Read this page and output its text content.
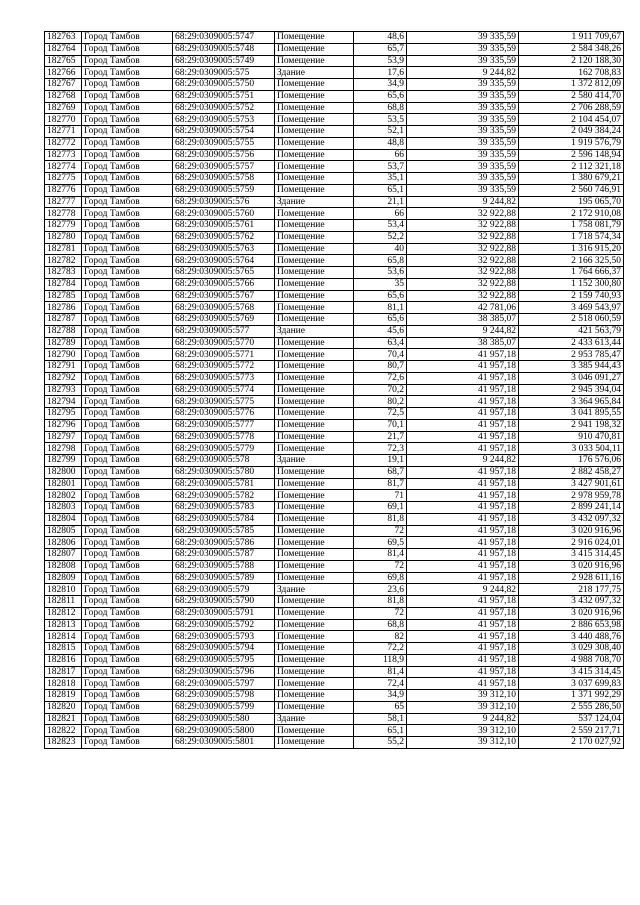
182763	Город Тамбов	68:29:0309005:5747	Помещение	48,6	39 335,59	1 911 709,67
182764	Город Тамбов	68:29:0309005:5748	Помещение	65,7	39 335,59	2 584 348,26
182765	Город Тамбов	68:29:0309005:5749	Помещение	53,9	39 335,59	2 120 188,30
182766	Город Тамбов	68:29:0309005:575	Здание	17,6	9 244,82	162 708,83
182767	Город Тамбов	68:29:0309005:5750	Помещение	34,9	39 335,59	1 372 812,09
182768	Город Тамбов	68:29:0309005:5751	Помещение	65,6	39 335,59	2 580 414,70
182769	Город Тамбов	68:29:0309005:5752	Помещение	68,8	39 335,59	2 706 288,59
182770	Город Тамбов	68:29:0309005:5753	Помещение	53,5	39 335,59	2 104 454,07
182771	Город Тамбов	68:29:0309005:5754	Помещение	52,1	39 335,59	2 049 384,24
182772	Город Тамбов	68:29:0309005:5755	Помещение	48,8	39 335,59	1 919 576,79
182773	Город Тамбов	68:29:0309005:5756	Помещение	66	39 335,59	2 596 148,94
182774	Город Тамбов	68:29:0309005:5757	Помещение	53,7	39 335,59	2 112 321,18
182775	Город Тамбов	68:29:0309005:5758	Помещение	35,1	39 335,59	1 380 679,21
182776	Город Тамбов	68:29:0309005:5759	Помещение	65,1	39 335,59	2 560 746,91
182777	Город Тамбов	68:29:0309005:576	Здание	21,1	9 244,82	195 065,70
182778	Город Тамбов	68:29:0309005:5760	Помещение	66	32 922,88	2 172 910,08
182779	Город Тамбов	68:29:0309005:5761	Помещение	53,4	32 922,88	1 758 081,79
182780	Город Тамбов	68:29:0309005:5762	Помещение	52,2	32 922,88	1 718 574,34
182781	Город Тамбов	68:29:0309005:5763	Помещение	40	32 922,88	1 316 915,20
182782	Город Тамбов	68:29:0309005:5764	Помещение	65,8	32 922,88	2 166 325,50
182783	Город Тамбов	68:29:0309005:5765	Помещение	53,6	32 922,88	1 764 666,37
182784	Город Тамбов	68:29:0309005:5766	Помещение	35	32 922,88	1 152 300,80
182785	Город Тамбов	68:29:0309005:5767	Помещение	65,6	32 922,88	2 159 740,93
182786	Город Тамбов	68:29:0309005:5768	Помещение	81,1	42 781,06	3 469 543,97
182787	Город Тамбов	68:29:0309005:5769	Помещение	65,6	38 385,07	2 518 060,59
182788	Город Тамбов	68:29:0309005:577	Здание	45,6	9 244,82	421 563,79
182789	Город Тамбов	68:29:0309005:5770	Помещение	63,4	38 385,07	2 433 613,44
182790	Город Тамбов	68:29:0309005:5771	Помещение	70,4	41 957,18	2 953 785,47
182791	Город Тамбов	68:29:0309005:5772	Помещение	80,7	41 957,18	3 385 944,43
182792	Город Тамбов	68:29:0309005:5773	Помещение	72,6	41 957,18	3 046 091,27
182793	Город Тамбов	68:29:0309005:5774	Помещение	70,2	41 957,18	2 945 394,04
182794	Город Тамбов	68:29:0309005:5775	Помещение	80,2	41 957,18	3 364 965,84
182795	Город Тамбов	68:29:0309005:5776	Помещение	72,5	41 957,18	3 041 895,55
182796	Город Тамбов	68:29:0309005:5777	Помещение	70,1	41 957,18	2 941 198,32
182797	Город Тамбов	68:29:0309005:5778	Помещение	21,7	41 957,18	910 470,81
182798	Город Тамбов	68:29:0309005:5779	Помещение	72,3	41 957,18	3 033 504,11
182799	Город Тамбов	68:29:0309005:578	Здание	19,1	9 244,82	176 576,06
182800	Город Тамбов	68:29:0309005:5780	Помещение	68,7	41 957,18	2 882 458,27
182801	Город Тамбов	68:29:0309005:5781	Помещение	81,7	41 957,18	3 427 901,61
182802	Город Тамбов	68:29:0309005:5782	Помещение	71	41 957,18	2 978 959,78
182803	Город Тамбов	68:29:0309005:5783	Помещение	69,1	41 957,18	2 899 241,14
182804	Город Тамбов	68:29:0309005:5784	Помещение	81,8	41 957,18	3 432 097,32
182805	Город Тамбов	68:29:0309005:5785	Помещение	72	41 957,18	3 020 916,96
182806	Город Тамбов	68:29:0309005:5786	Помещение	69,5	41 957,18	2 916 024,01
182807	Город Тамбов	68:29:0309005:5787	Помещение	81,4	41 957,18	3 415 314,45
182808	Город Тамбов	68:29:0309005:5788	Помещение	72	41 957,18	3 020 916,96
182809	Город Тамбов	68:29:0309005:5789	Помещение	69,8	41 957,18	2 928 611,16
182810	Город Тамбов	68:29:0309005:579	Здание	23,6	9 244,82	218 177,75
182811	Город Тамбов	68:29:0309005:5790	Помещение	81,8	41 957,18	3 432 097,32
182812	Город Тамбов	68:29:0309005:5791	Помещение	72	41 957,18	3 020 916,96
182813	Город Тамбов	68:29:0309005:5792	Помещение	68,8	41 957,18	2 886 653,98
182814	Город Тамбов	68:29:0309005:5793	Помещение	82	41 957,18	3 440 488,76
182815	Город Тамбов	68:29:0309005:5794	Помещение	72,2	41 957,18	3 029 308,40
182816	Город Тамбов	68:29:0309005:5795	Помещение	118,9	41 957,18	4 988 708,70
182817	Город Тамбов	68:29:0309005:5796	Помещение	81,4	41 957,18	3 415 314,45
182818	Город Тамбов	68:29:0309005:5797	Помещение	72,4	41 957,18	3 037 699,83
182819	Город Тамбов	68:29:0309005:5798	Помещение	34,9	39 312,10	1 371 992,29
182820	Город Тамбов	68:29:0309005:5799	Помещение	65	39 312,10	2 555 286,50
182821	Город Тамбов	68:29:0309005:580	Здание	58,1	9 244,82	537 124,04
182822	Город Тамбов	68:29:0309005:5800	Помещение	65,1	39 312,10	2 559 217,71
182823	Город Тамбов	68:29:0309005:5801	Помещение	55,2	39 312,10	2 170 027,92
